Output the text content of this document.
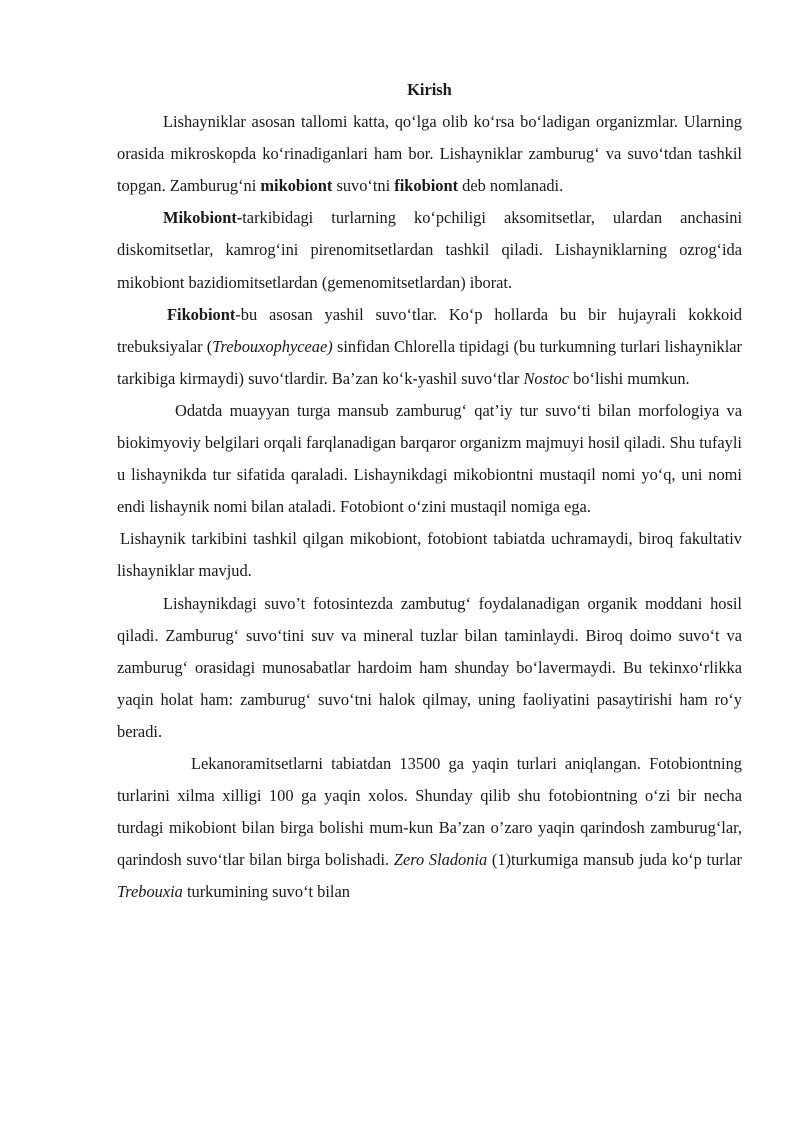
Kirish

Lishayniklar asosan tallomi katta, qo‘lga olib ko‘rsa bo‘ladigan organizmlar. Ularning orasida mikroskopda ko‘rinadiganlari ham bor. Lishayniklar zamburug‘ va suvo‘tdan tashkil topgan. Zamburug‘ni mikobiont suvo‘tni fikobiont deb nomlanadi.

Mikobiont-tarkibidagi turlarning ko‘pchiligi aksomitsetlar, ulardan anchasini diskomitsetlar, kamrog‘ini pirenomitsetlardan tashkil qiladi. Lishayniklarning ozrog‘ida mikobiont bazidiomitsetlardan (gemenomitsetlardan) iborat.

Fikobiont-bu asosan yashil suvo‘tlar. Ko‘p hollarda bu bir hujayrali kokkoid trebuksiyalar (Trebouxophyceae) sinfidan Chlorella tipidagi (bu turkumning turlari lishayniklar tarkibiga kirmaydi) suvo‘tlardir. Ba’zan ko‘k-yashil suvo‘tlar Nostoc bo‘lishi mumkun.

Odatda muayyan turga mansub zamburug‘ qat’iy tur suvo‘ti bilan morfologiya va biokimyoviy belgilari orqali farqlanadigan barqaror organizm majmuyi hosil qiladi. Shu tufayli u lishaynikda tur sifatida qaraladi. Lishaynikdagi mikobiontni mustaqil nomi yo‘q, uni nomi endi lishaynik nomi bilan ataladi. Fotobiont o‘zini mustaqil nomiga ega.

Lishaynik tarkibini tashkil qilgan mikobiont, fotobiont tabiatda uchramaydi, biroq fakultativ lishayniklar mavjud.

Lishaynikdagi suvo’t fotosintezda zambutug‘ foydalanadigan organik moddani hosil qiladi. Zamburug‘ suvo‘tini suv va mineral tuzlar bilan taminlaydi. Biroq doimo suvo‘t va zamburug‘ orasidagi munosabatlar hardoim ham shunday bo‘lavermaydi. Bu tekinxo‘rlikka yaqin holat ham: zamburug‘ suvo‘tni halok qilmay, uning faoliyatini pasaytirishi ham ro‘y beradi.

Lekanoramitsetlarni tabiatdan 13500 ga yaqin turlari aniqlangan. Fotobiontning turlarini xilma xilligi 100 ga yaqin xolos. Shunday qilib shu fotobiontning o‘zi bir necha turdagi mikobiont bilan birga bolishi mum-kun Ba’zan o’zaro yaqin qarindosh zamburug‘lar, qarindosh suvo‘tlar bilan birga bolishadi. Zero Sladonia (1)turkumiga mansub juda ko‘p turlar Trebouxia turkumining suvo‘t bilan
